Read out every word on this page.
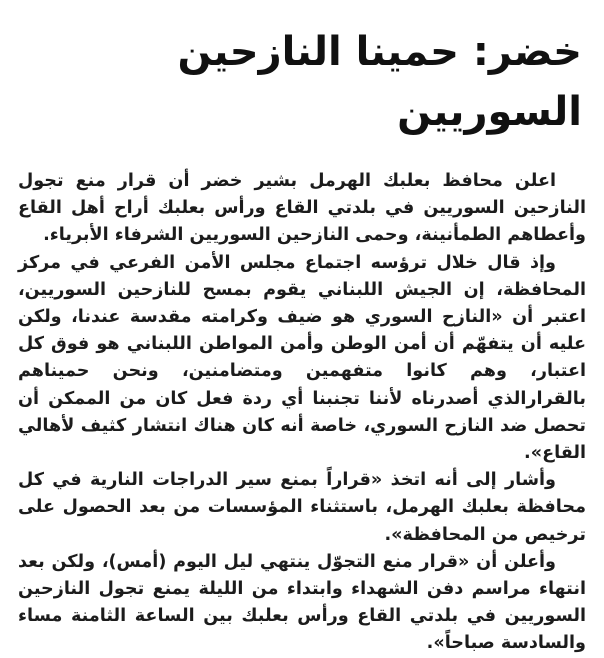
خضر: حمينا النازحين السوريين

اعلن محافظ بعلبك الهرمل بشير خضر أن قرار منع تجول النازحين السوريين في بلدتي القاع ورأس بعلبك أراح أهل القاع وأعطاهم الطمأنينة، وحمى النازحين السوريين الشرفاء الأبرياء.

وإذ قال خلال ترؤسه اجتماع مجلس الأمن الفرعي في مركز المحافظة، إن الجيش اللبناني يقوم بمسح للنازحين السوريين، اعتبر أن «النازح السوري هو ضيف وكرامته مقدسة عندنا، ولكن عليه أن يتفهّم أن أمن الوطن وأمن المواطن اللبناني هو فوق كل اعتبار، وهم كانوا متفهمين ومتضامنين، ونحن حميناهم بالقرارالذي أصدرناه لأننا تجنبنا أي ردة فعل كان من الممكن أن تحصل ضد النازح السوري، خاصة أنه كان هناك انتشار كثيف لأهالي القاع».

وأشار إلى أنه اتخذ «قراراً بمنع سير الدراجات النارية في كل محافظة بعلبك الهرمل، باستثناء المؤسسات من بعد الحصول على ترخيص من المحافظة».

وأعلن أن «قرار منع التجوّل ينتهي ليل اليوم (أمس)، ولكن بعد انتهاء مراسم دفن الشهداء وابتداء من الليلة يمنع تجول النازحين السوريين في بلدتي القاع ورأس بعلبك بين الساعة الثامنة مساء والسادسة صباحاً».
